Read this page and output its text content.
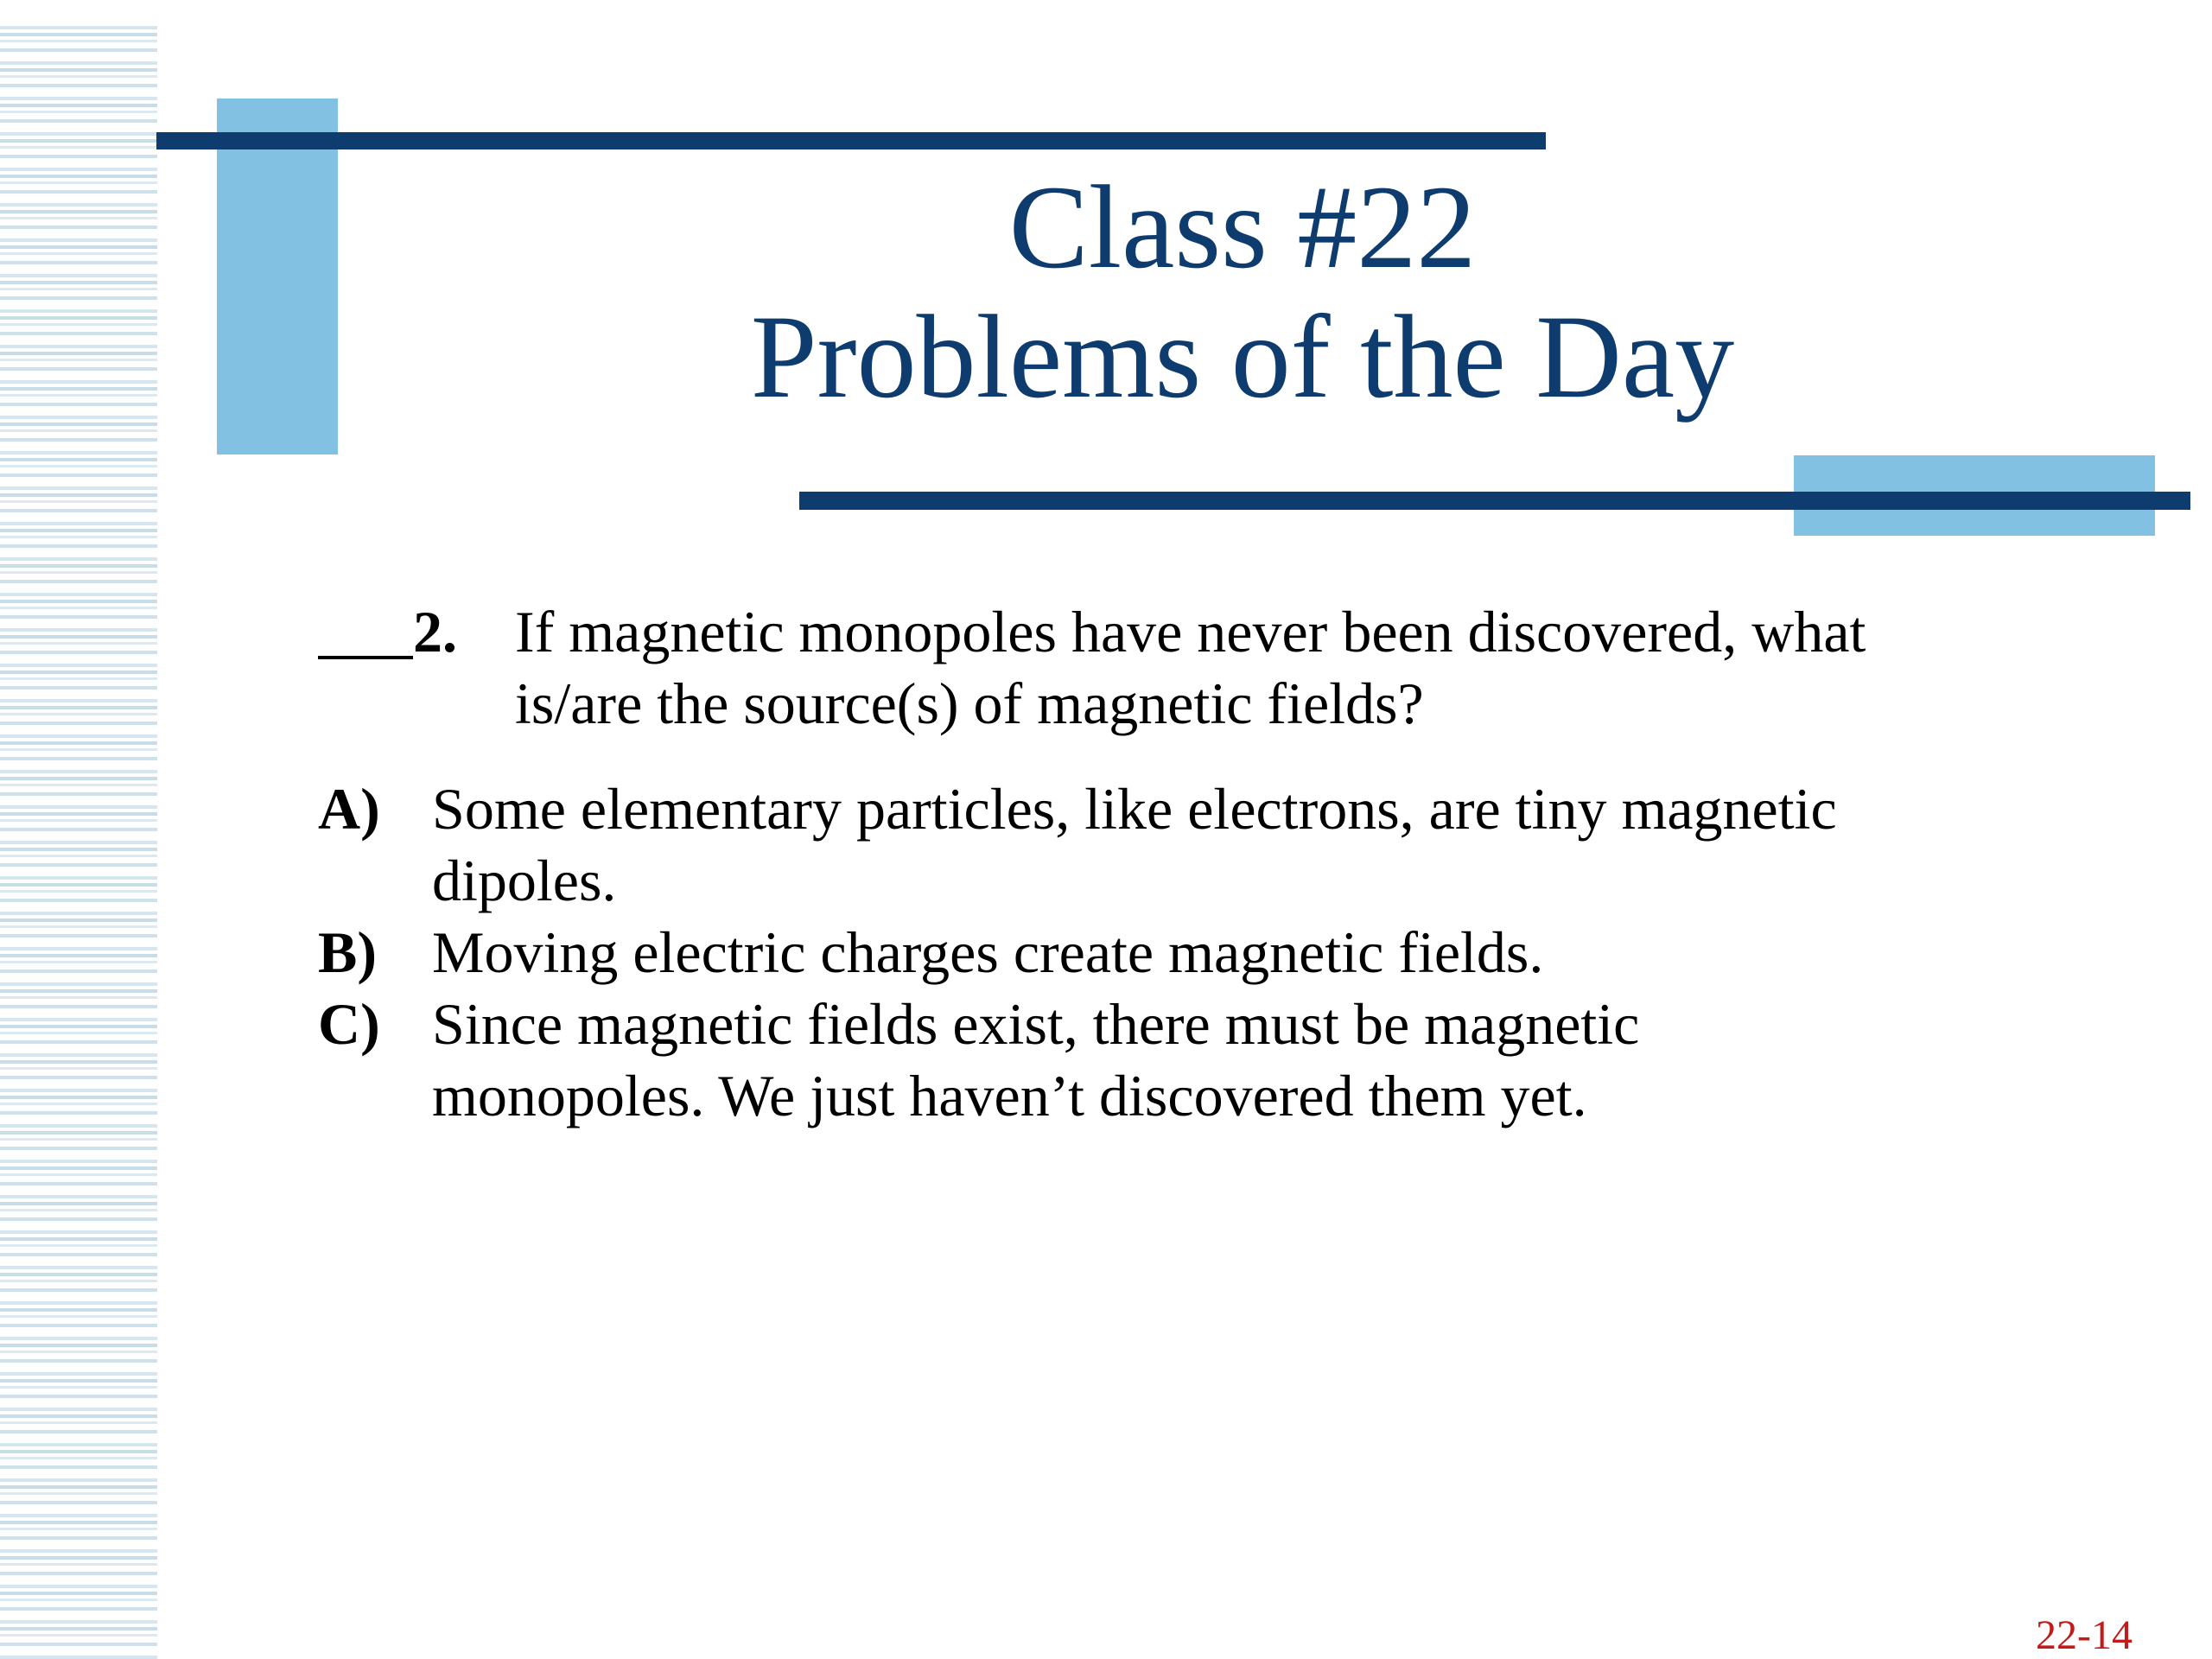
Class #22
Problems of the Day
2. If magnetic monopoles have never been discovered, what
is/are the source(s) of magnetic fields?
A) Some elementary particles, like electrons, are tiny magnetic
dipoles.
B) Moving electric charges create magnetic fields.
C) Since magnetic fields exist, there must be magnetic
monopoles. We just haven’t discovered them yet.
22-14
